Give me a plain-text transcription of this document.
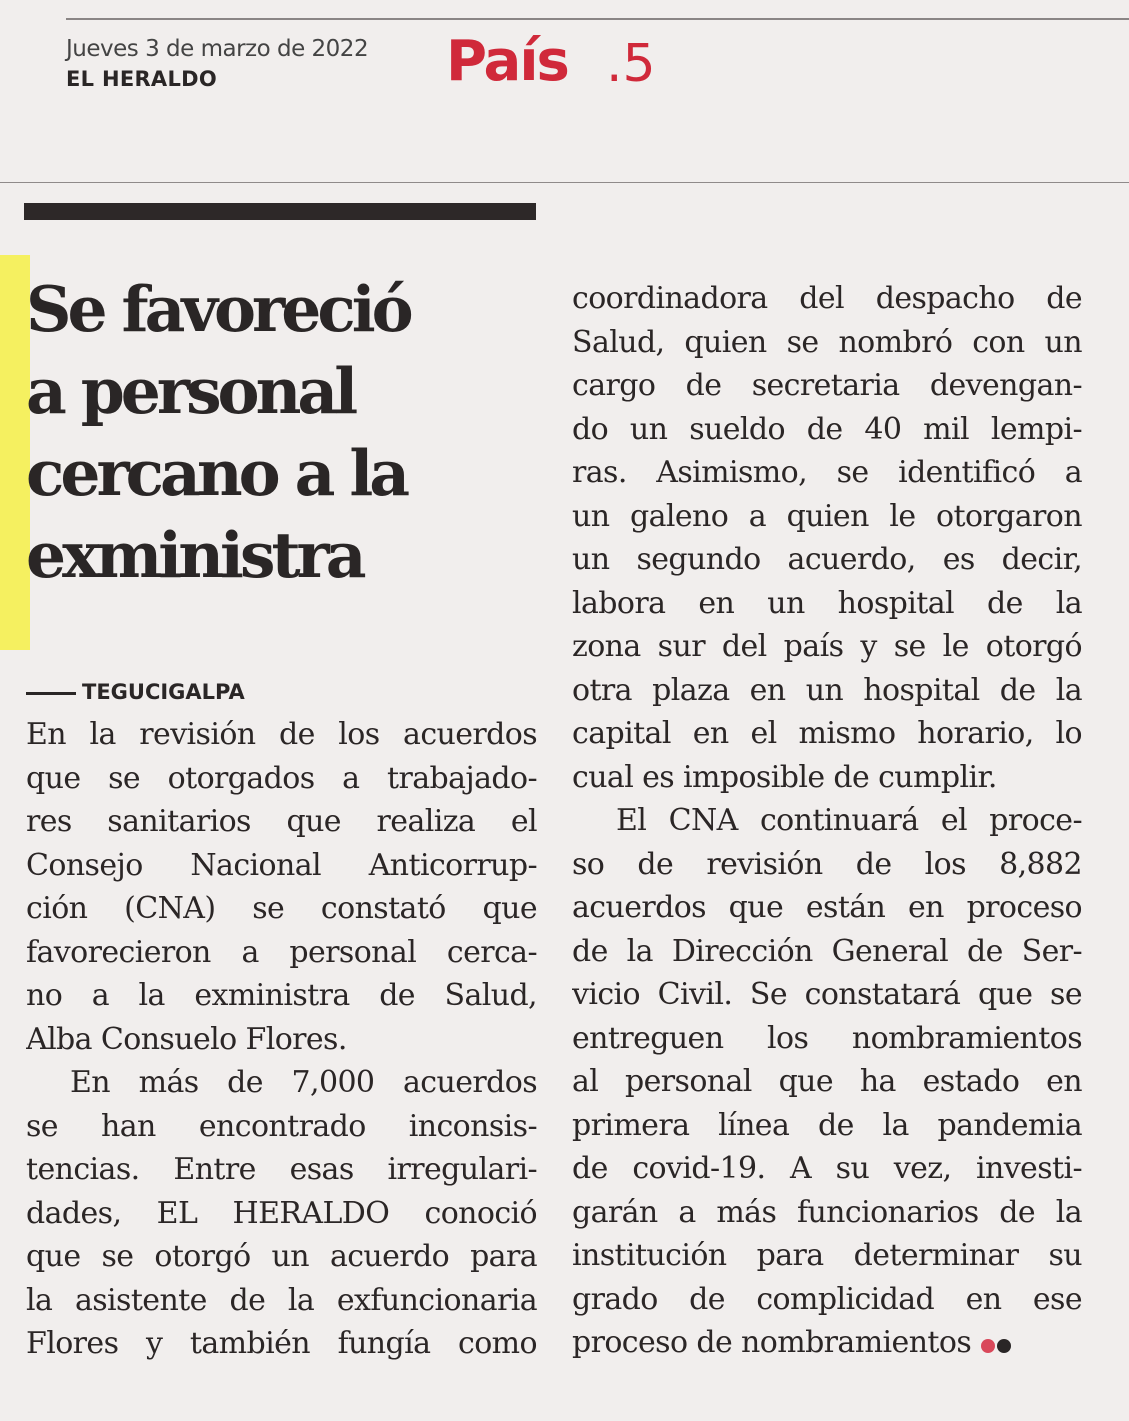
Jueves 3 de marzo de 2022
EL HERALDO	País .5
Se favoreció
a personal
cercano a la
exministra
TEGUCIGALPA
En la revisión de los acuerdos
que se otorgados a trabajado-
res sanitarios que realiza el
Consejo Nacional Anticorrup-
ción (CNA) se constató que
favorecieron a personal cerca-
no a la exministra de Salud,
Alba Consuelo Flores.
En más de 7,000 acuerdos
se han encontrado inconsis-
tencias. Entre esas irregulari-
dades, EL HERALDO conoció
que se otorgó un acuerdo para
la asistente de la exfuncionaria
Flores y también fungía como
coordinadora del despacho de
Salud, quien se nombró con un
cargo de secretaria devengan-
do un sueldo de 40 mil lempi-
ras. Asimismo, se identificó a
un galeno a quien le otorgaron
un segundo acuerdo, es decir,
labora en un hospital de la
zona sur del país y se le otorgó
otra plaza en un hospital de la
capital en el mismo horario, lo
cual es imposible de cumplir.
El CNA continuará el proce-
so de revisión de los 8,882
acuerdos que están en proceso
de la Dirección General de Ser-
vicio Civil. Se constatará que se
entreguen los nombramientos
al personal que ha estado en
primera línea de la pandemia
de covid-19. A su vez, investi-
garán a más funcionarios de la
institución para determinar su
grado de complicidad en ese
proceso de nombramientos
